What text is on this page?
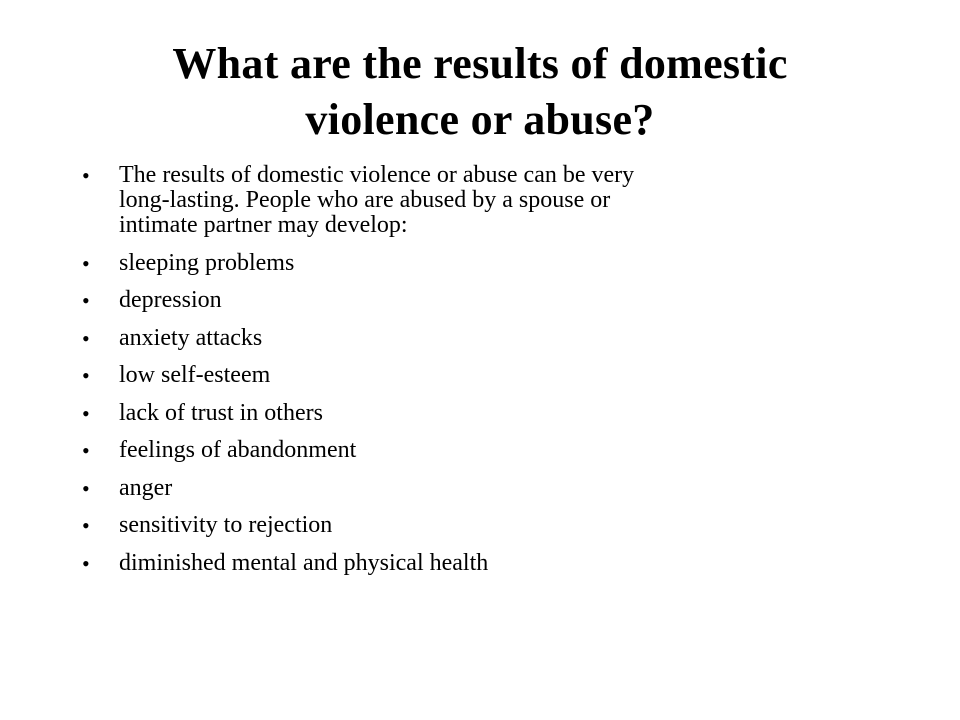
What are the results of domestic
violence or abuse?
• The results of domestic violence or abuse can be very
long-lasting. People who are abused by a spouse or
intimate partner may develop:
• sleeping problems
• depression
• anxiety attacks
• low self-esteem
• lack of trust in others
• feelings of abandonment
• anger
• sensitivity to rejection
• diminished mental and physical health
